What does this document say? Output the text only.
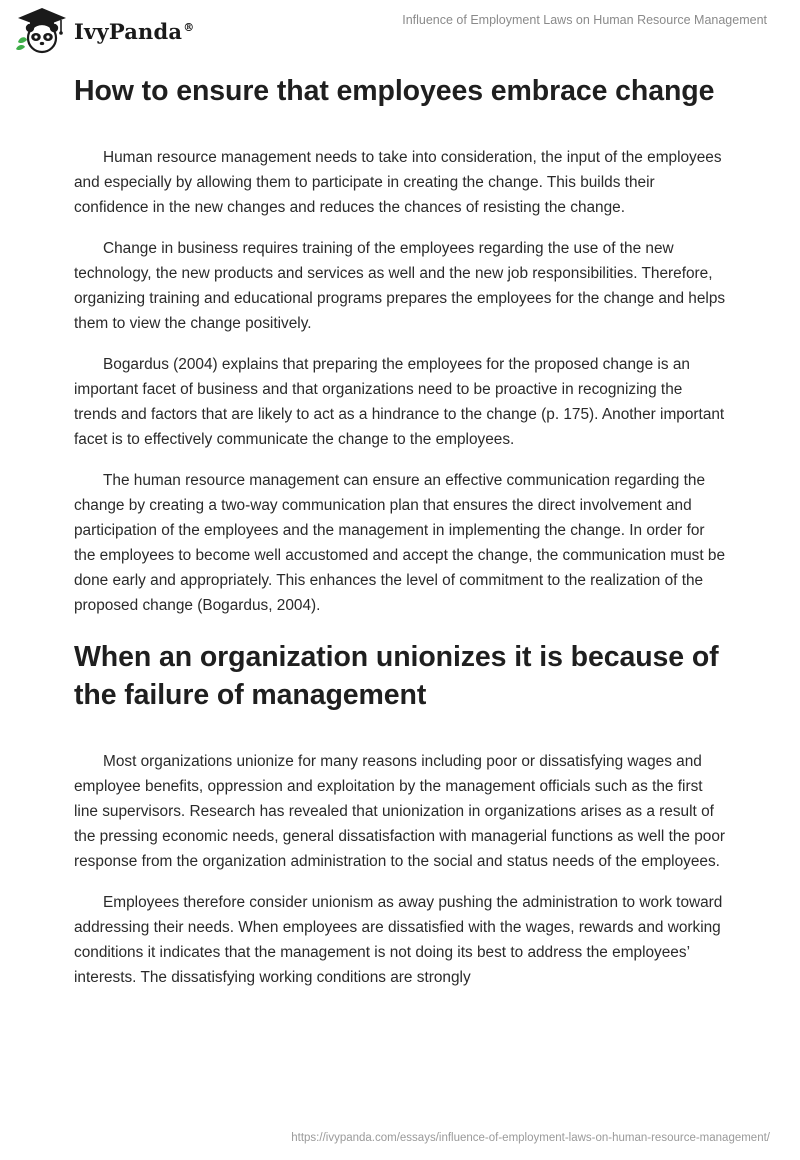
IvyPanda®	Influence of Employment Laws on Human Resource Management
How to ensure that employees embrace change

Human resource management needs to take into consideration, the input of the employees and especially by allowing them to participate in creating the change. This builds their confidence in the new changes and reduces the chances of resisting the change.

Change in business requires training of the employees regarding the use of the new technology, the new products and services as well and the new job responsibilities. Therefore, organizing training and educational programs prepares the employees for the change and helps them to view the change positively.

Bogardus (2004) explains that preparing the employees for the proposed change is an important facet of business and that organizations need to be proactive in recognizing the trends and factors that are likely to act as a hindrance to the change (p. 175). Another important facet is to effectively communicate the change to the employees.

The human resource management can ensure an effective communication regarding the change by creating a two-way communication plan that ensures the direct involvement and participation of the employees and the management in implementing the change. In order for the employees to become well accustomed and accept the change, the communication must be done early and appropriately. This enhances the level of commitment to the realization of the proposed change (Bogardus, 2004).

When an organization unionizes it is because of the failure of management

Most organizations unionize for many reasons including poor or dissatisfying wages and employee benefits, oppression and exploitation by the management officials such as the first line supervisors. Research has revealed that unionization in organizations arises as a result of the pressing economic needs, general dissatisfaction with managerial functions as well the poor response from the organization administration to the social and status needs of the employees.

Employees therefore consider unionism as away pushing the administration to work toward addressing their needs. When employees are dissatisfied with the wages, rewards and working conditions it indicates that the management is not doing its best to address the employees’ interests. The dissatisfying working conditions are strongly

https://ivypanda.com/essays/influence-of-employment-laws-on-human-resource-management/
